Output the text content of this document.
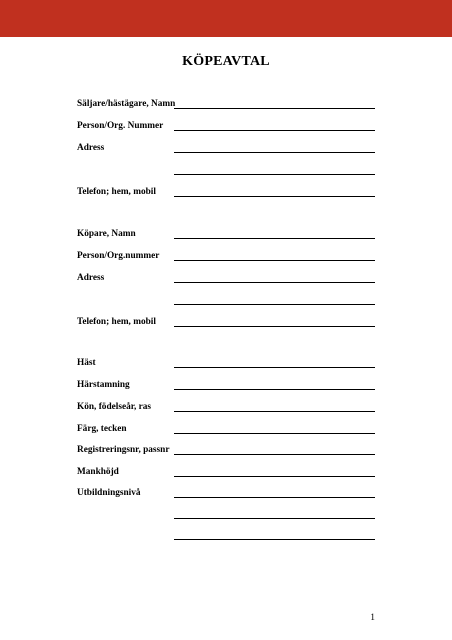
KÖPEAVTAL
Säljare/hästägare, Namn
Person/Org. Nummer
Adress
Telefon; hem, mobil
Köpare, Namn
Person/Org.nummer
Adress
Telefon; hem, mobil
Häst
Härstamning
Kön, födelseår, ras
Färg, tecken
Registreringsnr, passnr
Mankhöjd
Utbildningsnivå
1
